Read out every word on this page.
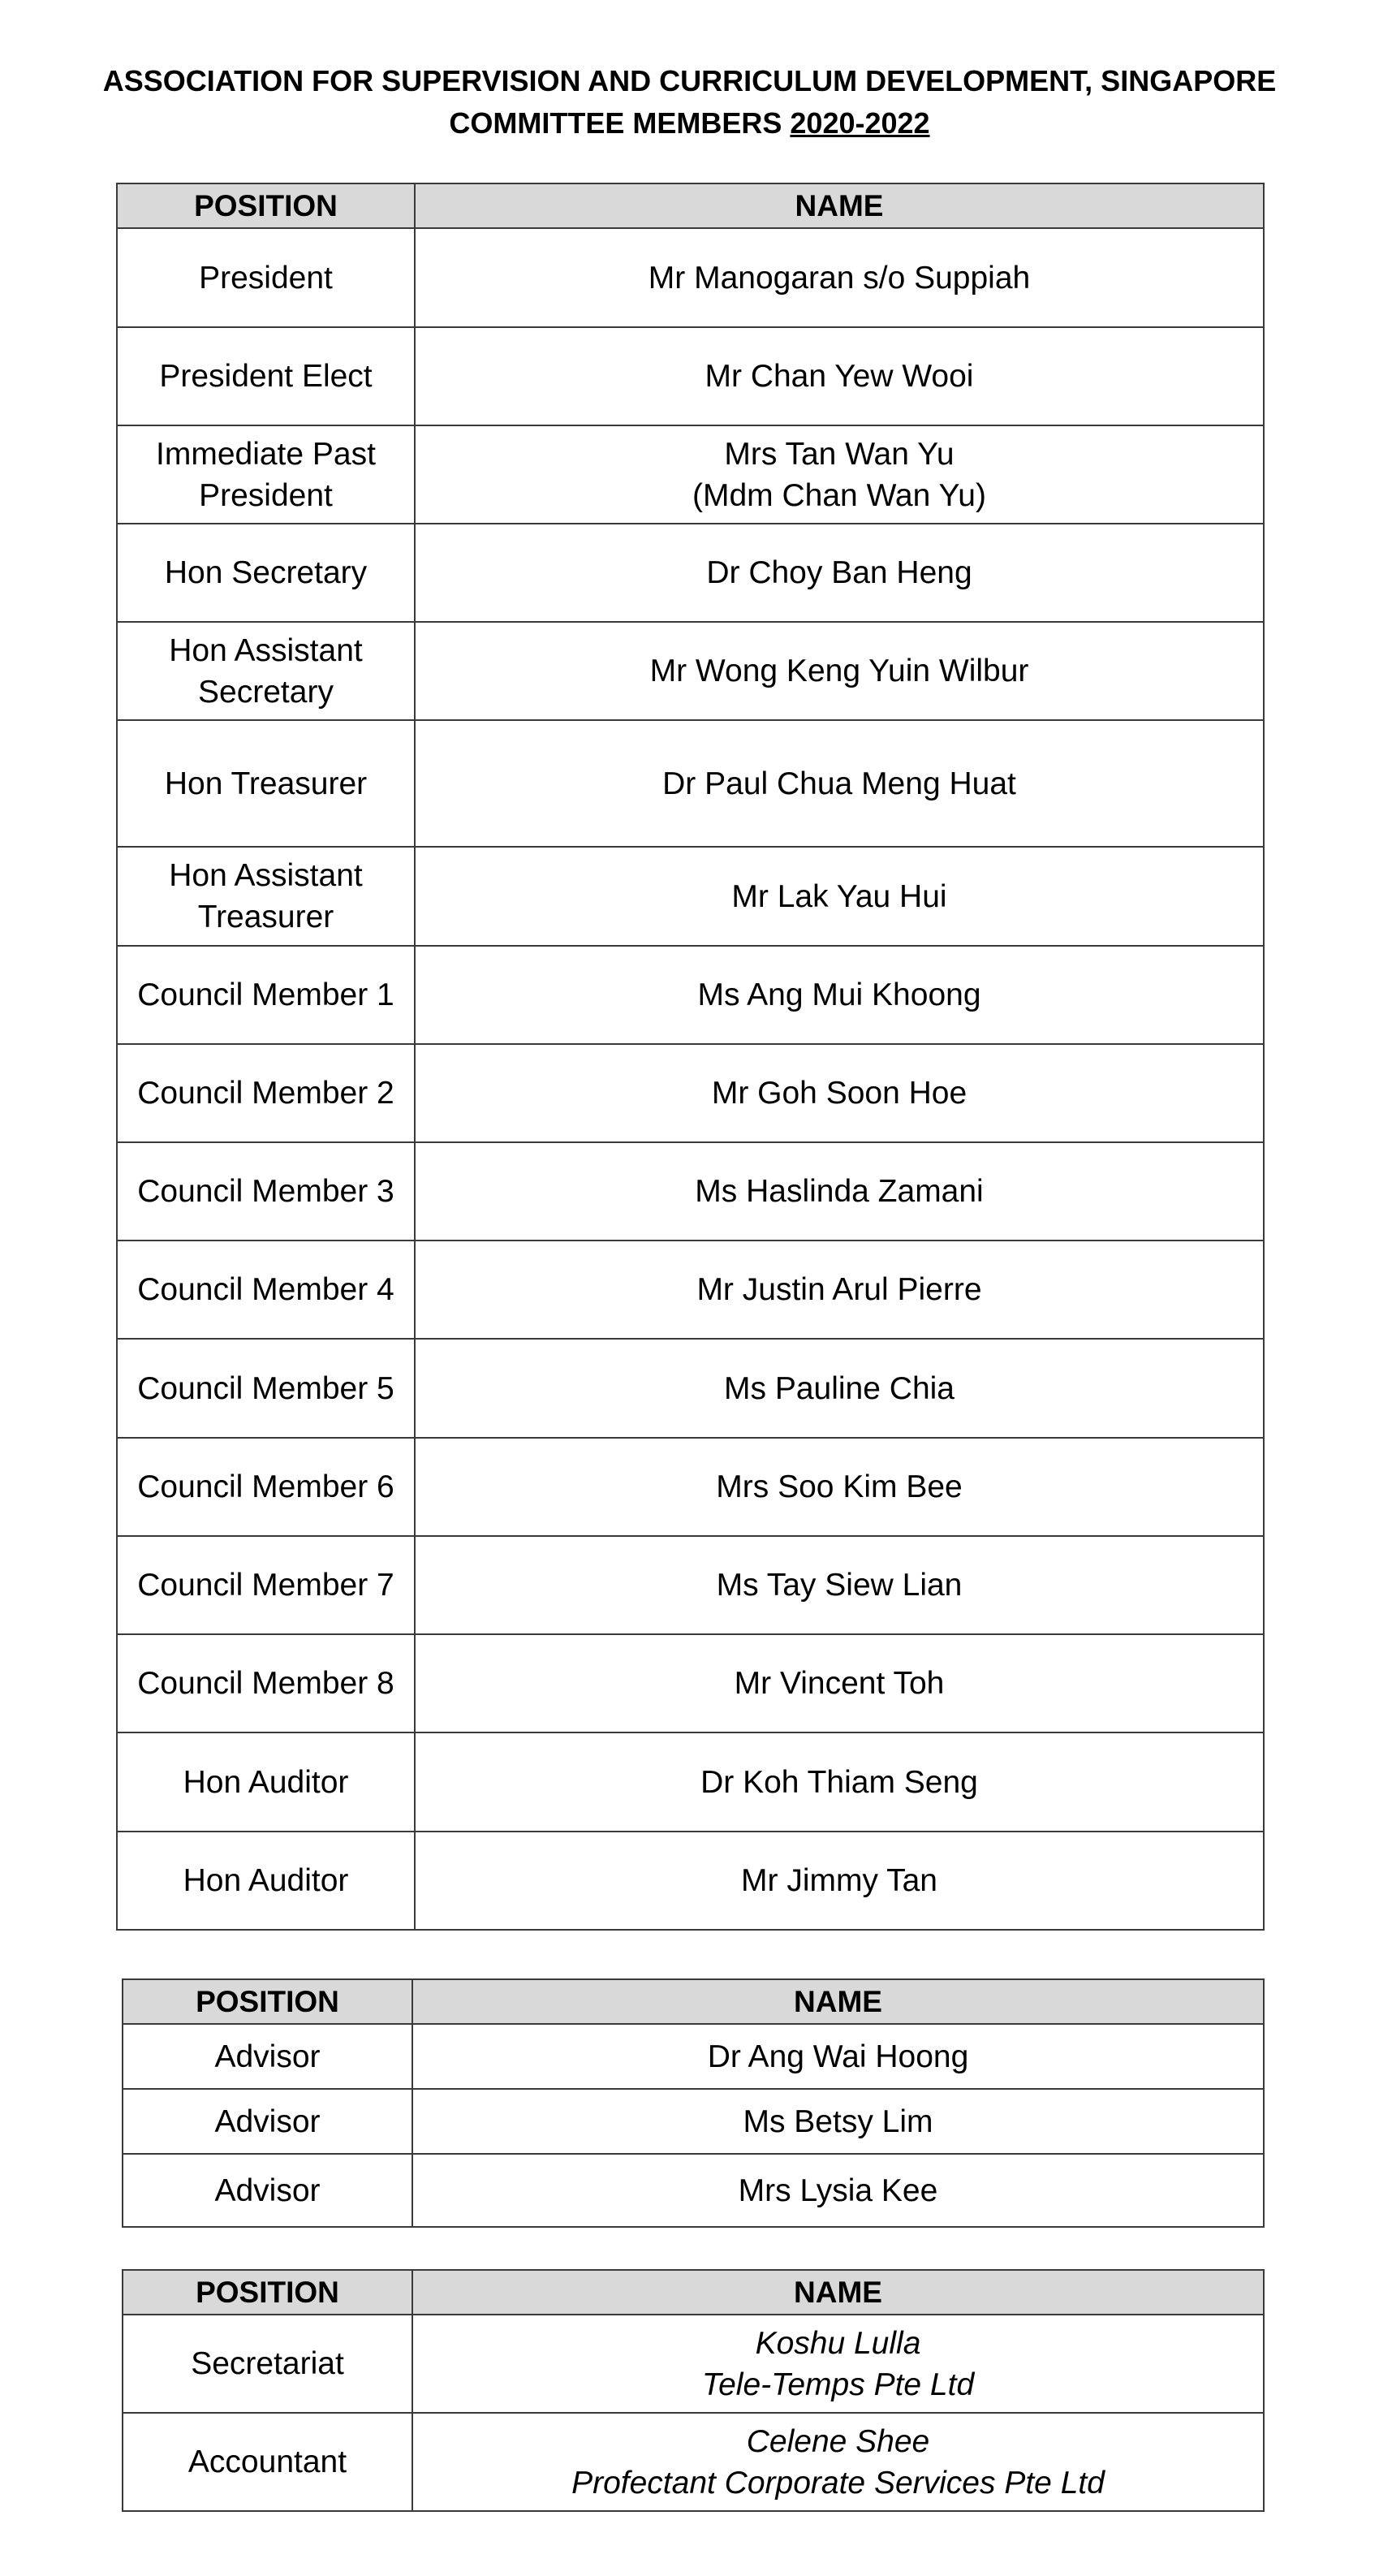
ASSOCIATION FOR SUPERVISION AND CURRICULUM DEVELOPMENT, SINGAPORE
COMMITTEE MEMBERS 2020-2022
POSITION	NAME
President	Mr Manogaran s/o Suppiah
President Elect	Mr Chan Yew Wooi
Immediate Past
President	Mrs Tan Wan Yu
(Mdm Chan Wan Yu)
Hon Secretary	Dr Choy Ban Heng
Hon Assistant
Secretary	Mr Wong Keng Yuin Wilbur
Hon Treasurer	Dr Paul Chua Meng Huat
Hon Assistant
Treasurer	Mr Lak Yau Hui
Council Member 1	Ms Ang Mui Khoong
Council Member 2	Mr Goh Soon Hoe
Council Member 3	Ms Haslinda Zamani
Council Member 4	Mr Justin Arul Pierre
Council Member 5	Ms Pauline Chia
Council Member 6	Mrs Soo Kim Bee
Council Member 7	Ms Tay Siew Lian
Council Member 8	Mr Vincent Toh
Hon Auditor	Dr Koh Thiam Seng
Hon Auditor	Mr Jimmy Tan
POSITION	NAME
Advisor	Dr Ang Wai Hoong
Advisor	Ms Betsy Lim
Advisor	Mrs Lysia Kee
POSITION	NAME
Secretariat	Koshu Lulla
Tele-Temps Pte Ltd
Accountant	Celene Shee
Profectant Corporate Services Pte Ltd
